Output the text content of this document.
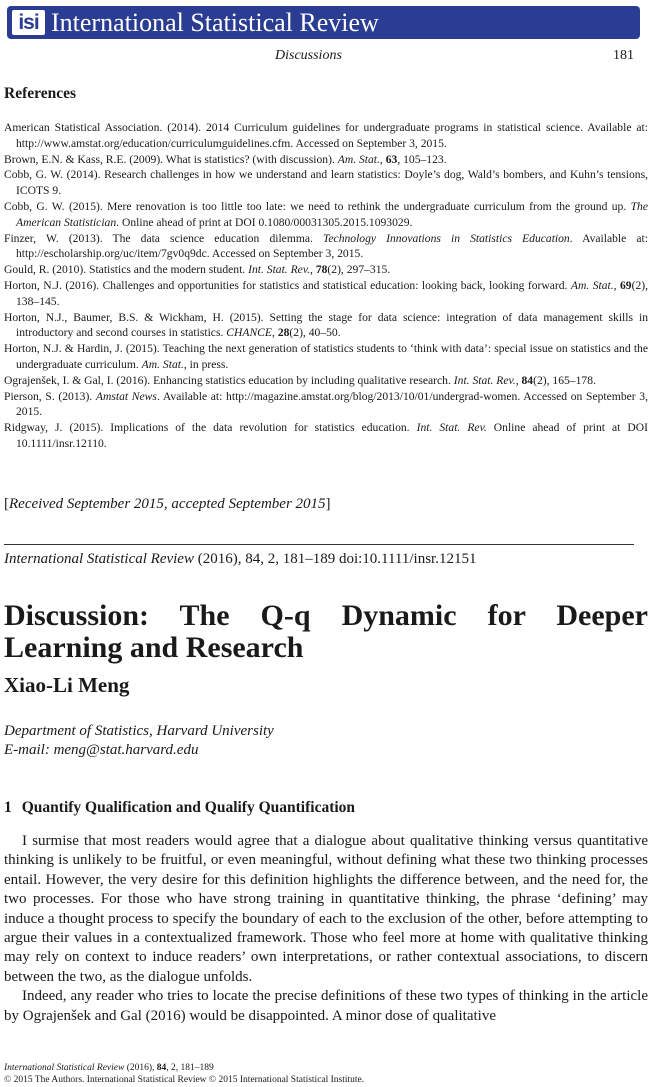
isi International Statistical Review
Discussions	181
References
American Statistical Association. (2014). 2014 Curriculum guidelines for undergraduate programs in statistical science. Available at: http://www.amstat.org/education/curriculumguidelines.cfm. Accessed on September 3, 2015.
Brown, E.N. & Kass, R.E. (2009). What is statistics? (with discussion). Am. Stat., 63, 105–123.
Cobb, G. W. (2014). Research challenges in how we understand and learn statistics: Doyle’s dog, Wald’s bombers, and Kuhn’s tensions, ICOTS 9.
Cobb, G. W. (2015). Mere renovation is too little too late: we need to rethink the undergraduate curriculum from the ground up. The American Statistician. Online ahead of print at DOI 0.1080/00031305.2015.1093029.
Finzer, W. (2013). The data science education dilemma. Technology Innovations in Statistics Education. Available at: http://escholarship.org/uc/item/7gv0q9dc. Accessed on September 3, 2015.
Gould, R. (2010). Statistics and the modern student. Int. Stat. Rev., 78(2), 297–315.
Horton, N.J. (2016). Challenges and opportunities for statistics and statistical education: looking back, looking forward. Am. Stat., 69(2), 138–145.
Horton, N.J., Baumer, B.S. & Wickham, H. (2015). Setting the stage for data science: integration of data management skills in introductory and second courses in statistics. CHANCE, 28(2), 40–50.
Horton, N.J. & Hardin, J. (2015). Teaching the next generation of statistics students to ‘think with data’: special issue on statistics and the undergraduate curriculum. Am. Stat., in press.
Ograjenšek, I. & Gal, I. (2016). Enhancing statistics education by including qualitative research. Int. Stat. Rev., 84(2), 165–178.
Pierson, S. (2013). Amstat News. Available at: http://magazine.amstat.org/blog/2013/10/01/undergrad-women. Accessed on September 3, 2015.
Ridgway, J. (2015). Implications of the data revolution for statistics education. Int. Stat. Rev. Online ahead of print at DOI 10.1111/insr.12110.
[Received September 2015, accepted September 2015]
International Statistical Review (2016), 84, 2, 181–189 doi:10.1111/insr.12151
Discussion: The Q-q Dynamic for Deeper Learning and Research
Xiao-Li Meng
Department of Statistics, Harvard University
E-mail: meng@stat.harvard.edu
1 Quantify Qualification and Qualify Quantification

I surmise that most readers would agree that a dialogue about qualitative thinking versus quantitative thinking is unlikely to be fruitful, or even meaningful, without defining what these two thinking processes entail. However, the very desire for this definition highlights the difference between, and the need for, the two processes. For those who have strong training in quantitative thinking, the phrase ‘defining’ may induce a thought process to specify the boundary of each to the exclusion of the other, before attempting to argue their values in a contextualized framework. Those who feel more at home with qualitative thinking may rely on context to induce readers’ own interpretations, or rather contextual associations, to discern between the two, as the dialogue unfolds.

Indeed, any reader who tries to locate the precise definitions of these two types of thinking in the article by Ograjenšek and Gal (2016) would be disappointed. A minor dose of qualitative

International Statistical Review (2016), 84, 2, 181–189
© 2015 The Authors. International Statistical Review © 2015 International Statistical Institute.
